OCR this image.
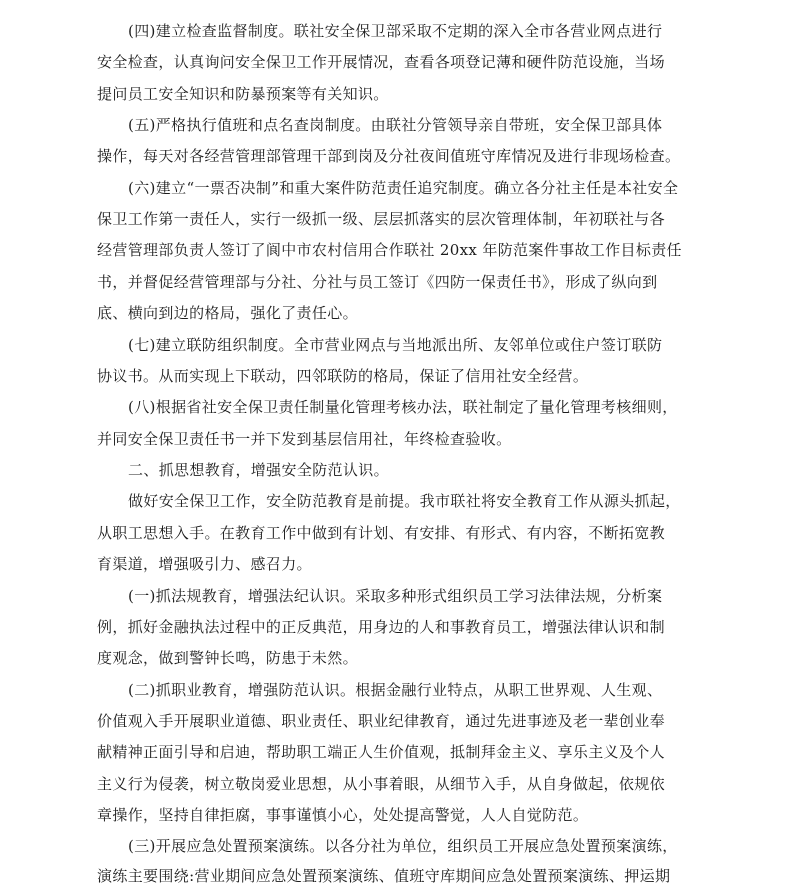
(四)建立检查监督制度。联社安全保卫部采取不定期的深入全市各营业网点进行
安全检查，认真询问安全保卫工作开展情况，查看各项登记薄和硬件防范设施，当场
提问员工安全知识和防暴预案等有关知识。
(五)严格执行值班和点名查岗制度。由联社分管领导亲自带班，安全保卫部具体
操作，每天对各经营管理部管理干部到岗及分社夜间值班守库情况及进行非现场检查。
(六)建立“一票否决制”和重大案件防范责任追究制度。确立各分社主任是本社安全
保卫工作第一责任人，实行一级抓一级、层层抓落实的层次管理体制，年初联社与各
经营管理部负责人签订了阆中市农村信用合作联社 20xx 年防范案件事故工作目标责任
书，并督促经营管理部与分社、分社与员工签订《四防一保责任书》，形成了纵向到
底、横向到边的格局，强化了责任心。
(七)建立联防组织制度。全市营业网点与当地派出所、友邻单位或住户签订联防
协议书。从而实现上下联动，四邻联防的格局，保证了信用社安全经营。
(八)根据省社安全保卫责任制量化管理考核办法，联社制定了量化管理考核细则，
并同安全保卫责任书一并下发到基层信用社，年终检查验收。
二、抓思想教育，增强安全防范认识。
做好安全保卫工作，安全防范教育是前提。我市联社将安全教育工作从源头抓起，
从职工思想入手。在教育工作中做到有计划、有安排、有形式、有内容，不断拓宽教
育渠道，增强吸引力、感召力。
(一)抓法规教育，增强法纪认识。采取多种形式组织员工学习法律法规，分析案
例，抓好金融执法过程中的正反典范，用身边的人和事教育员工，增强法律认识和制
度观念，做到警钟长鸣，防患于未然。
(二)抓职业教育，增强防范认识。根据金融行业特点，从职工世界观、人生观、
价值观入手开展职业道德、职业责任、职业纪律教育，通过先进事迹及老一辈创业奉
献精神正面引导和启迪，帮助职工端正人生价值观，抵制拜金主义、享乐主义及个人
主义行为侵袭，树立敬岗爱业思想，从小事着眼，从细节入手，从自身做起，依规依
章操作，坚持自律拒腐，事事谨慎小心，处处提高警觉，人人自觉防范。
(三)开展应急处置预案演练。以各分社为单位，组织员工开展应急处置预案演练，
演练主要围绕:营业期间应急处置预案演练、值班守库期间应急处置预案演练、押运期
